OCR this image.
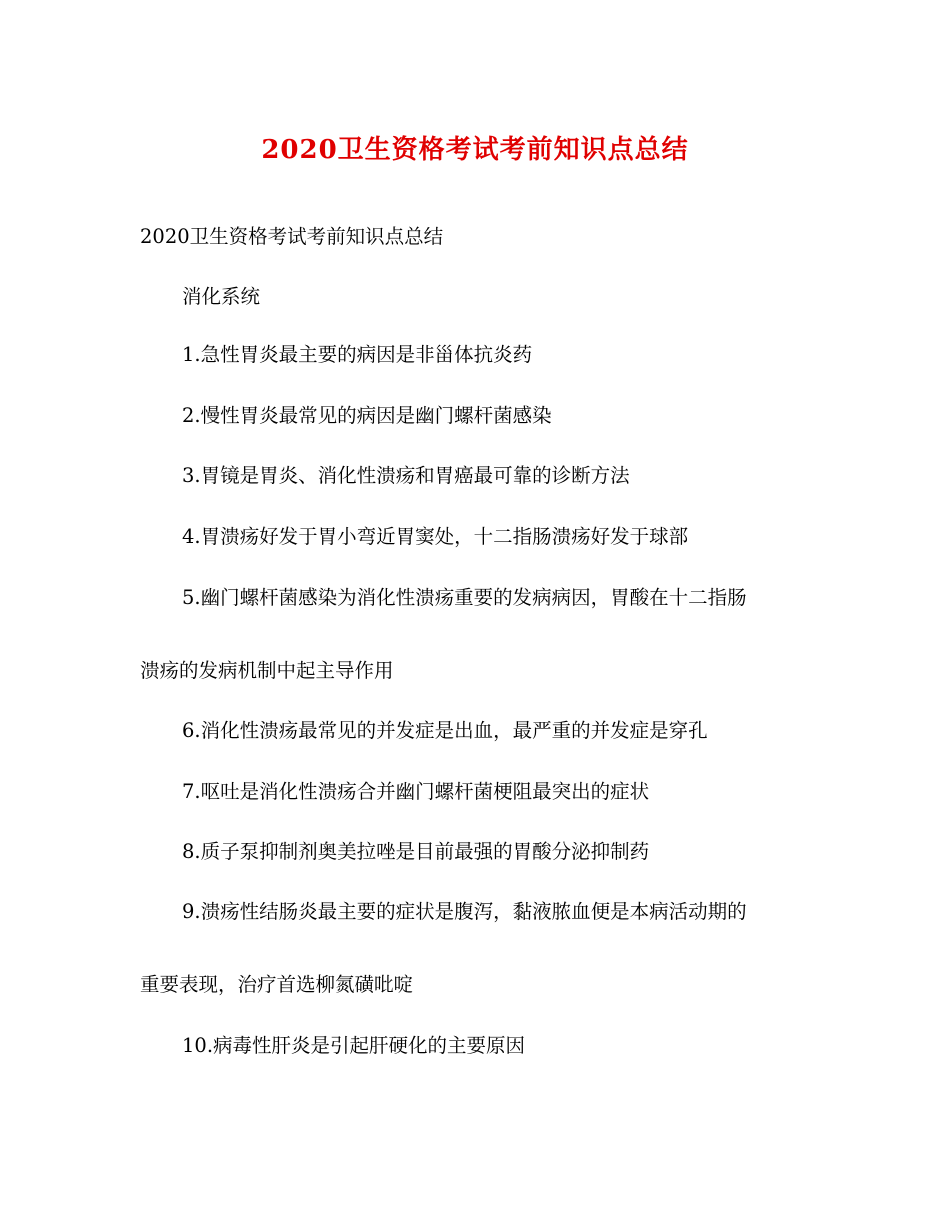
2020卫生资格考试考前知识点总结
2020卫生资格考试考前知识点总结
消化系统
1.急性胃炎最主要的病因是非甾体抗炎药
2.慢性胃炎最常见的病因是幽门螺杆菌感染
3.胃镜是胃炎、消化性溃疡和胃癌最可靠的诊断方法
4.胃溃疡好发于胃小弯近胃窦处，十二指肠溃疡好发于球部
5.幽门螺杆菌感染为消化性溃疡重要的发病病因，胃酸在十二指肠
溃疡的发病机制中起主导作用
6.消化性溃疡最常见的并发症是出血，最严重的并发症是穿孔
7.呕吐是消化性溃疡合并幽门螺杆菌梗阻最突出的症状
8.质子泵抑制剂奥美拉唑是目前最强的胃酸分泌抑制药
9.溃疡性结肠炎最主要的症状是腹泻，黏液脓血便是本病活动期的
重要表现，治疗首选柳氮磺吡啶
10.病毒性肝炎是引起肝硬化的主要原因
